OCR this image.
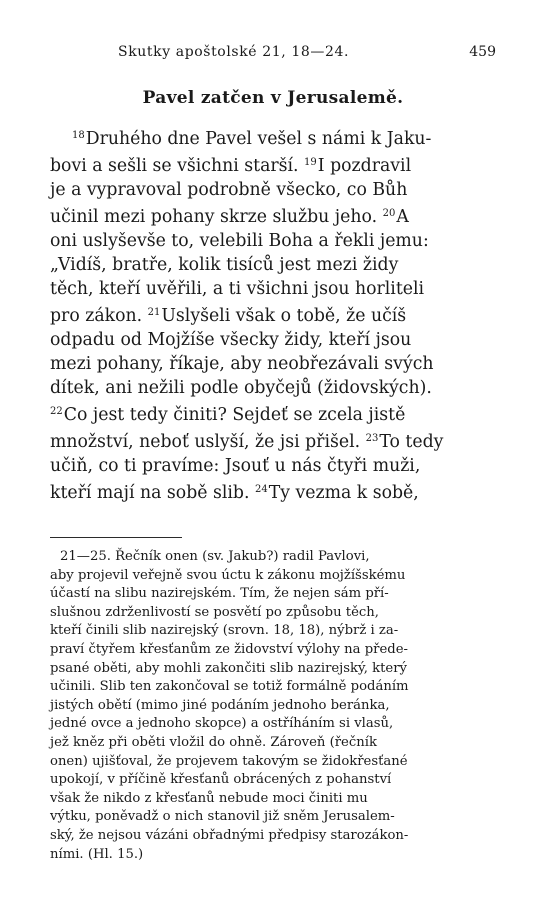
Skutky apoštolské 21, 18—24.	459
Pavel zatčen v Jerusalemě.
$^{18}$Druhého dne Pavel vešel s námi k Jaku-
bovi a sešli se všichni starší. $^{19}$I pozdravil
je a vypravoval podrobně všecko, co Bůh
učinil mezi pohany skrze službu jeho. $^{20}$A
oni uslyševše to, velebili Boha a řekli jemu:
„Vidíš, bratře, kolik tisíců jest mezi židy
těch, kteří uvěřili, a ti všichni jsou horliteli
pro zákon. $^{21}$Uslyšeli však o tobě, že učíš
odpadu od Mojžíše všecky židy, kteří jsou
mezi pohany, říkaje, aby neobřezávali svých
dítek, ani nežili podle obyčejů (židovských).
$^{22}$Co jest tedy činiti? Sejdeť se zcela jistě
množství, neboť uslyší, že jsi přišel. $^{23}$To tedy
učiň, co ti pravíme: Jsouť u nás čtyři muži,
kteří mají na sobě slib. $^{24}$Ty vezma k sobě,
21—25. Řečník onen (sv. Jakub?) radil Pavlovi,
aby projevil veřejně svou úctu k zákonu mojžíšskému
účastí na slibu nazirejském. Tím, že nejen sám pří-
slušnou zdrženlivostí se posvětí po způsobu těch,
kteří činili slib nazirejský (srovn. 18, 18), nýbrž i za-
praví čtyřem křesťanům ze židovství výlohy na přede-
psané oběti, aby mohli zakončiti slib nazirejský, který
učinili. Slib ten zakončoval se totiž formálně podáním
jistých obětí (mimo jiné podáním jednoho beránka,
jedné ovce a jednoho skopce) a ostříháním si vlasů,
jež kněz při oběti vložil do ohně. Zároveň (řečník
onen) ujišťoval, že projevem takovým se židokřesťané
upokojí, v příčině křesťanů obrácených z pohanství
však že nikdo z křesťanů nebude moci činiti mu
výtku, poněvadž o nich stanovil již sněm Jerusalem-
ský, že nejsou vázáni obřadnými předpisy starozákon-
ními. (Hl. 15.)
